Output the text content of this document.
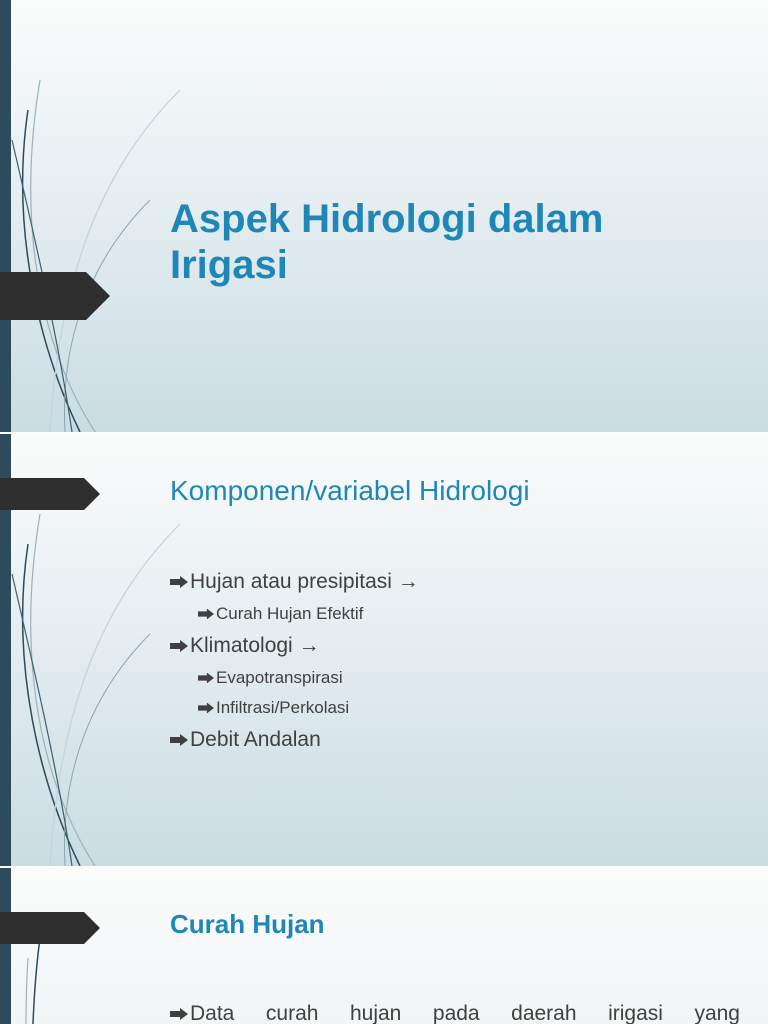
Aspek Hidrologi dalam Irigasi
Komponen/variabel Hidrologi
Hujan atau presipitasi →
Curah Hujan Efektif
Klimatologi →
Evapotranspirasi
Infiltrasi/Perkolasi
Debit Andalan
Curah Hujan
Data curah hujan pada daerah irigasi yang
